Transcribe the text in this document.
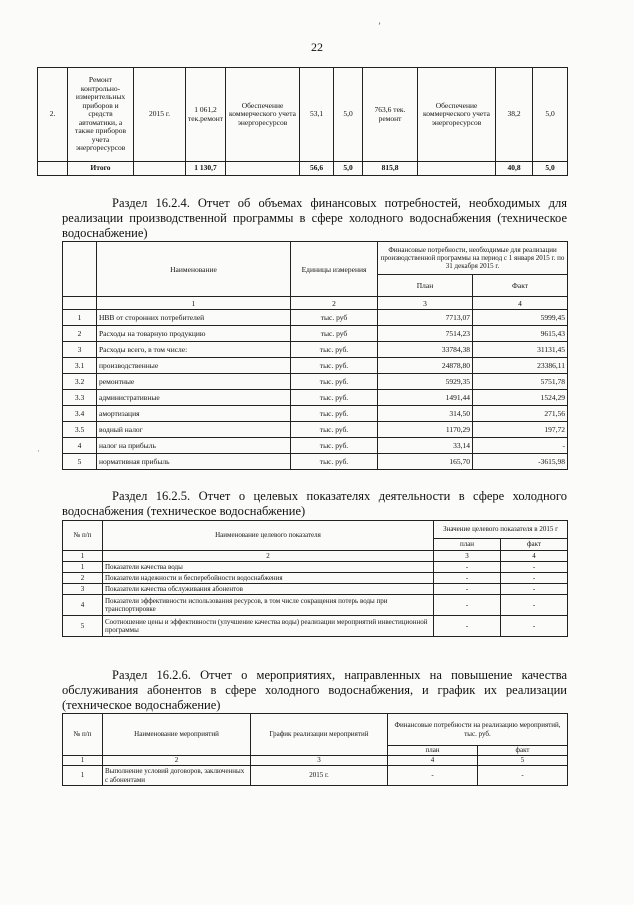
22
ʼ
·
2.	Ремонт контрольно-измерительных приборов и средств автоматики, а также приборов учета энергоресурсов	2015 г.	1 061,2 тек.ремонт	Обеспечение коммерческого учета энергоресурсов	53,1	5,0	763,6 тек. ремонт	Обеспечение коммерческого учета энергоресурсов	38,2	5,0
	Итого		1 130,7		56,6	5,0	815,8		40,8	5,0
Раздел 16.2.4. Отчет об объемах финансовых потребностей, необходимых для реализации производственной программы в сфере холодного водоснабжения (техническое водоснабжение)
	Наименование	Единицы измерения	Финансовые потребности, необходимые для реализации производственной программы на период с 1 января 2015 г. по 31 декабря 2015 г.	
			План	Факт
	1	2	3	4
1	НВВ от сторонних потребителей	тыс. руб	7713,07	5999,45
2	Расходы на товарную продукцию	тыс. руб	7514,23	9615,43
3	Расходы всего, в том числе:	тыс. руб.	33784,38	31131,45
3.1	производственные	тыс. руб.	24878,80	23386,11
3.2	ремонтные	тыс. руб.	5929,35	5751,78
3.3	административные	тыс. руб.	1491,44	1524,29
3.4	амортизация	тыс. руб.	314,50	271,56
3.5	водный налог	тыс. руб.	1170,29	197,72
4	налог на прибыль	тыс. руб.	33,14	-
5	нормативная прибыль	тыс. руб.	165,70	-3615,98
Раздел 16.2.5. Отчет о целевых показателях деятельности в сфере холодного водоснабжения (техническое водоснабжение)
№ п/п	Наименование целевого показателя	Значение целевого показателя в 2015 г	
		план	факт
1	2	3	4
1	Показатели качества воды	-	-
2	Показатели надежности и бесперебойности водоснабжения	-	-
3	Показатели качества обслуживания абонентов	-	-
4	Показатели эффективности использования ресурсов, в том числе сокращения потерь воды при транспортировке	-	-
5	Соотношение цены и эффективности (улучшение качества воды) реализации мероприятий инвестиционной программы	-	-
Раздел 16.2.6. Отчет о мероприятиях, направленных на повышение качества обслуживания абонентов в сфере холодного водоснабжения, и график их реализации (техническое водоснабжение)
№ п/п	Наименование мероприятий	График реализации мероприятий	Финансовые потребности на реализацию мероприятий, тыс. руб.	
			план	факт
1	2	3	4	5
1	Выполнение условий договоров, заключенных с абонентами	2015 г.	-	-
